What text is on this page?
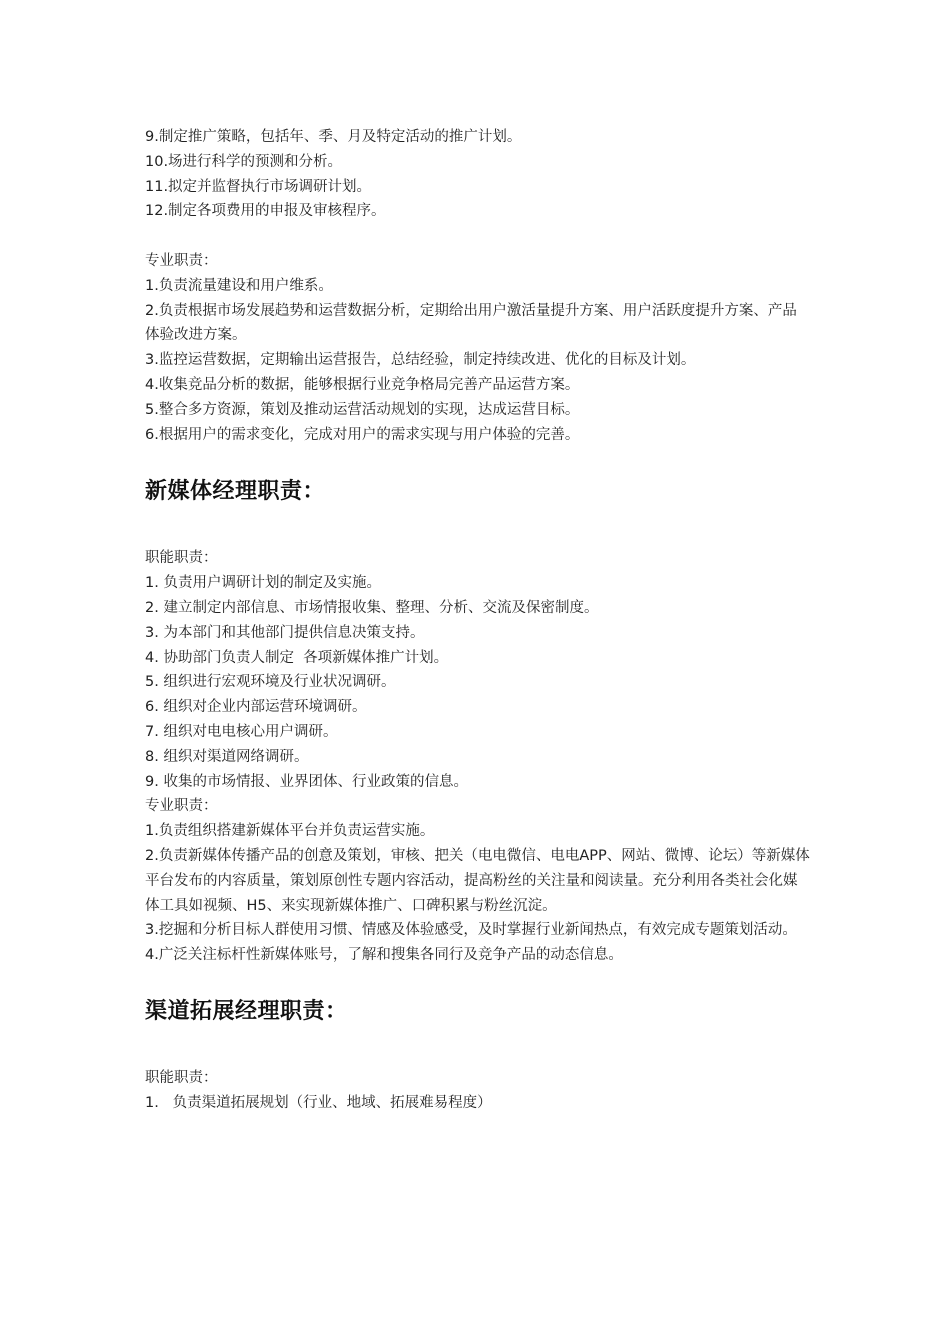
9.制定推广策略，包括年、季、月及特定活动的推广计划。

10.场进行科学的预测和分析。

11.拟定并监督执行市场调研计划。

12.制定各项费用的申报及审核程序。

专业职责：

1.负责流量建设和用户维系。

2.负责根据市场发展趋势和运营数据分析，定期给出用户激活量提升方案、用户活跃度提升方案、产品体验改进方案。

3.监控运营数据，定期输出运营报告，总结经验，制定持续改进、优化的目标及计划。

4.收集竞品分析的数据，能够根据行业竞争格局完善产品运营方案。

5.整合多方资源，策划及推动运营活动规划的实现，达成运营目标。

6.根据用户的需求变化，完成对用户的需求实现与用户体验的完善。

新媒体经理职责：

职能职责：

1. 负责用户调研计划的制定及实施。

2. 建立制定内部信息、市场情报收集、整理、分析、交流及保密制度。

3. 为本部门和其他部门提供信息决策支持。

4. 协助部门负责人制定  各项新媒体推广计划。

5. 组织进行宏观环境及行业状况调研。

6. 组织对企业内部运营环境调研。

7. 组织对电电核心用户调研。

8. 组织对渠道网络调研。

9. 收集的市场情报、业界团体、行业政策的信息。

专业职责：

1.负责组织搭建新媒体平台并负责运营实施。

2.负责新媒体传播产品的创意及策划，审核、把关（电电微信、电电APP、网站、微博、论坛）等新媒体平台发布的内容质量，策划原创性专题内容活动，提高粉丝的关注量和阅读量。充分利用各类社会化媒体工具如视频、H5、来实现新媒体推广、口碑积累与粉丝沉淀。

3.挖掘和分析目标人群使用习惯、情感及体验感受，及时掌握行业新闻热点，有效完成专题策划活动。

4.广泛关注标杆性新媒体账号，了解和搜集各同行及竞争产品的动态信息。

渠道拓展经理职责：

职能职责：

1.   负责渠道拓展规划（行业、地域、拓展难易程度）
